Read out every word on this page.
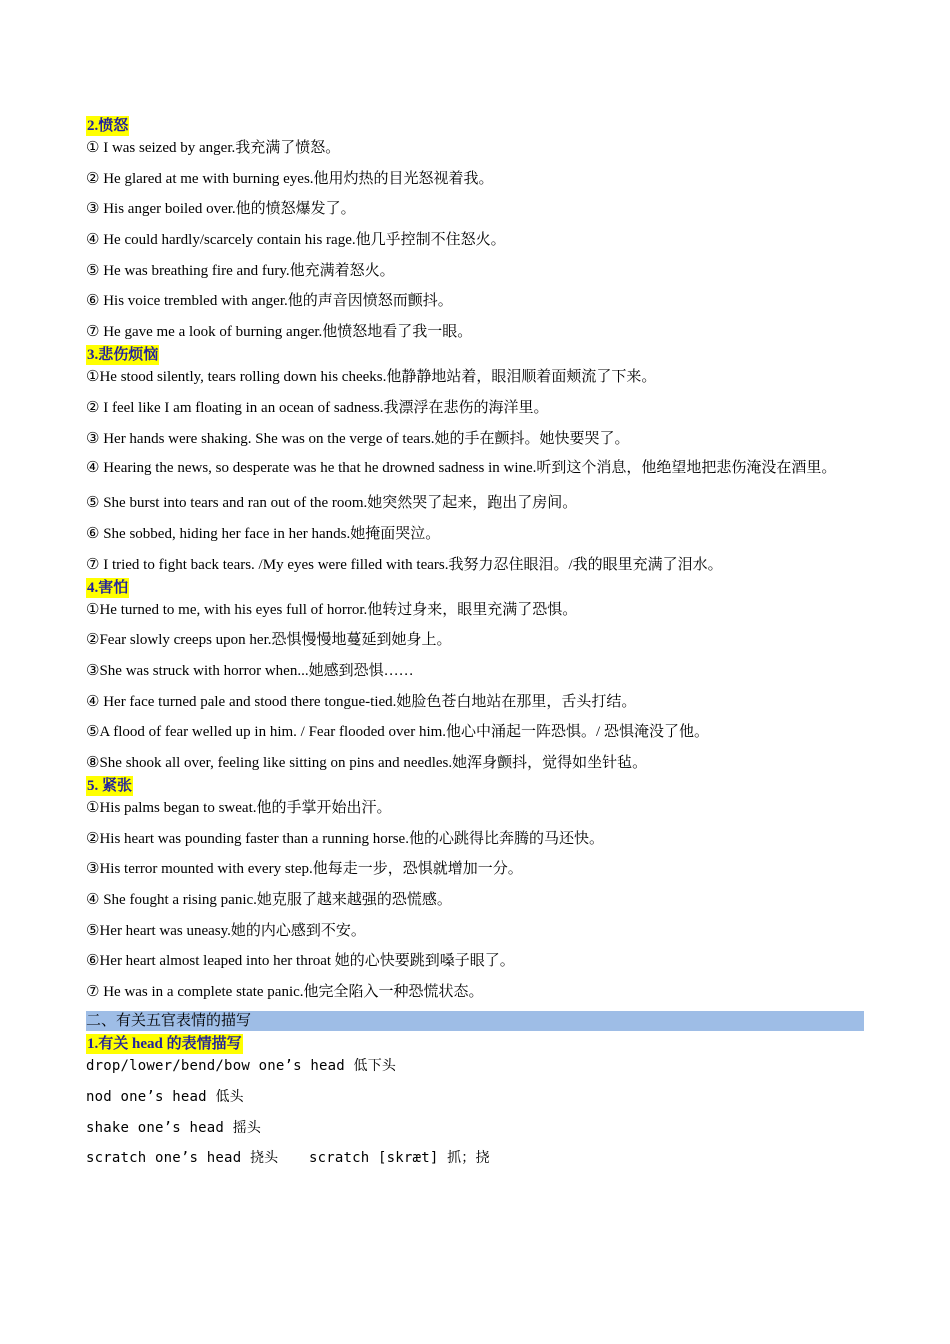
2.愤怒
① I was seized by anger.我充满了愤怒。
② He glared at me with burning eyes.他用灼热的目光怒视着我。
③ His anger boiled over.他的愤怒爆发了。
④ He could hardly/scarcely contain his rage.他几乎控制不住怒火。
⑤ He was breathing fire and fury.他充满着怒火。
⑥ His voice trembled with anger.他的声音因愤怒而颤抖。
⑦ He gave me a look of burning anger.他愤怒地看了我一眼。
3.悲伤烦恼
①He stood silently, tears rolling down his cheeks.他静静地站着，眼泪顺着面颊流了下来。
② I feel like I am floating in an ocean of sadness.我漂浮在悲伤的海洋里。
③ Her hands were shaking. She was on the verge of tears.她的手在颤抖。她快要哭了。
④ Hearing the news, so desperate was he that he drowned sadness in wine.听到这个消息，他绝望地把悲伤淹没在酒里。
⑤ She burst into tears and ran out of the room.她突然哭了起来，跑出了房间。
⑥ She sobbed, hiding her face in her hands.她掩面哭泣。
⑦ I tried to fight back tears. /My eyes were filled with tears.我努力忍住眼泪。/我的眼里充满了泪水。
4.害怕
①He turned to me, with his eyes full of horror.他转过身来，眼里充满了恐惧。
②Fear slowly creeps upon her.恐惧慢慢地蔓延到她身上。
③She was struck with horror when...她感到恐惧……
④ Her face turned pale and stood there tongue-tied.她脸色苍白地站在那里，舌头打结。
⑤A flood of fear welled up in him. / Fear flooded over him.他心中涌起一阵恐惧。/ 恐惧淹没了他。
⑧She shook all over, feeling like sitting on pins and needles.她浑身颤抖，觉得如坐针毡。
5. 紧张
①His palms began to sweat.他的手掌开始出汗。
②His heart was pounding faster than a running horse.他的心跳得比奔腾的马还快。
③His terror mounted with every step.他每走一步，恐惧就增加一分。
④ She fought a rising panic.她克服了越来越强的恐慌感。
⑤Her heart was uneasy.她的内心感到不安。
⑥Her heart almost leaped into her throat 她的心快要跳到嗓子眼了。
⑦ He was in a complete state panic.他完全陷入一种恐慌状态。
二、有关五官表情的描写
1.有关 head 的表情描写
drop/lower/bend/bow one’s head 低下头
nod one’s head 低头
shake one’s head 摇头
scratch one’s head 挠头 scratch [skræt] 抓；挠
